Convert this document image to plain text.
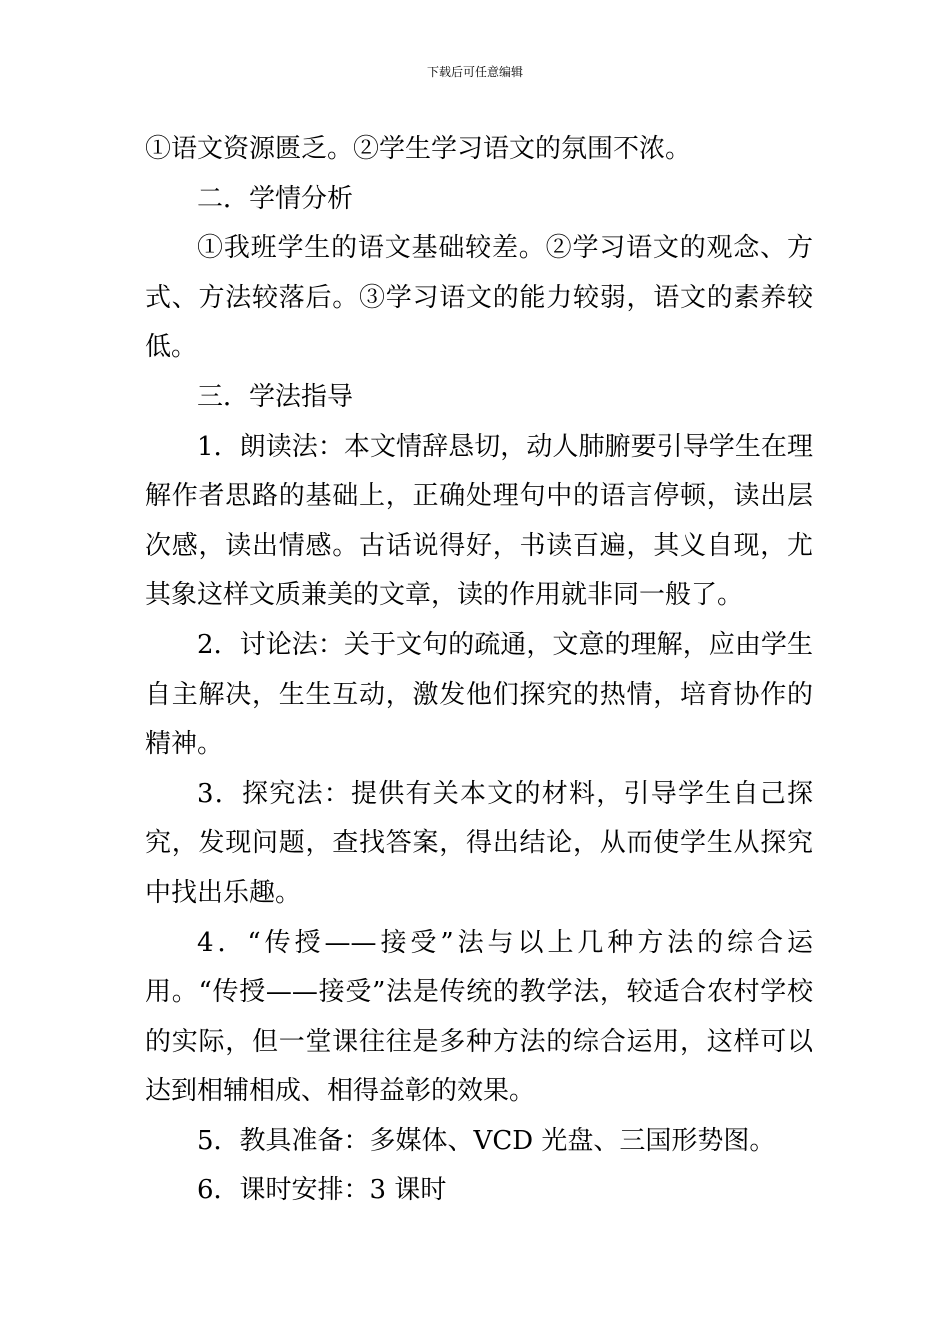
下载后可任意编辑

①语文资源匮乏。②学生学习语文的氛围不浓。

二．学情分析

①我班学生的语文基础较差。②学习语文的观念、方式、方法较落后。③学习语文的能力较弱，语文的素养较低。

三．学法指导

1．朗读法：本文情辞恳切，动人肺腑要引导学生在理解作者思路的基础上，正确处理句中的语言停顿，读出层次感，读出情感。古话说得好，书读百遍，其义自现，尤其象这样文质兼美的文章，读的作用就非同一般了。

2．讨论法：关于文句的疏通，文意的理解，应由学生自主解决，生生互动，激发他们探究的热情，培育协作的精神。

3．探究法：提供有关本文的材料，引导学生自己探究，发现问题，查找答案，得出结论，从而使学生从探究中找出乐趣。

4．“传授——接受”法与以上几种方法的综合运用。“传授——接受”法是传统的教学法，较适合农村学校的实际，但一堂课往往是多种方法的综合运用，这样可以达到相辅相成、相得益彰的效果。

5．教具准备：多媒体、VCD 光盘、三国形势图。

6．课时安排：3 课时
